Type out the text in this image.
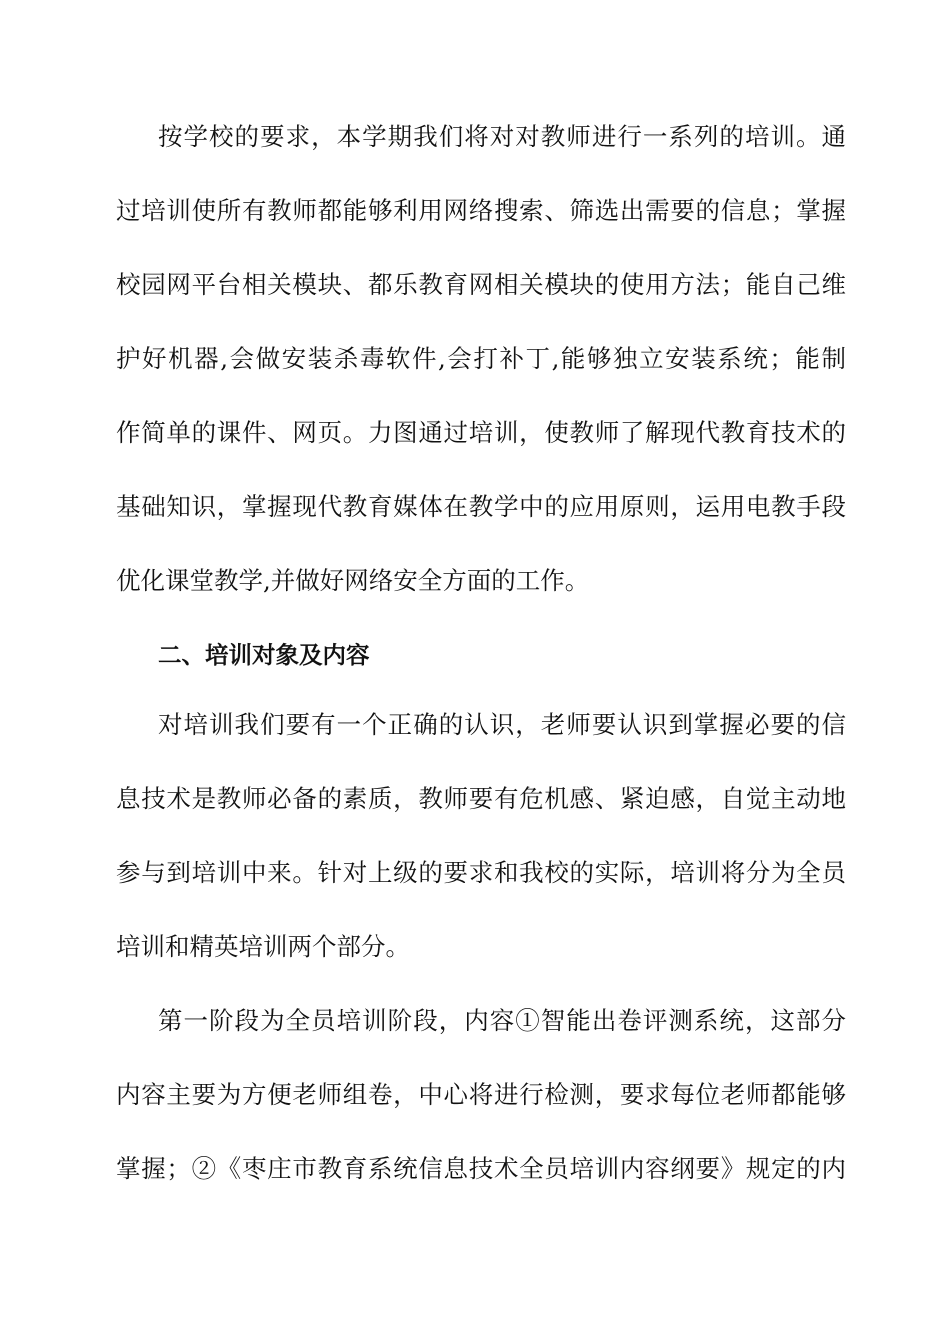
按学校的要求，本学期我们将对对教师进行一系列的培训。通
过培训使所有教师都能够利用网络搜索、筛选出需要的信息；掌握
校园网平台相关模块、都乐教育网相关模块的使用方法；能自己维
护好机器,会做安装杀毒软件,会打补丁,能够独立安装系统；能制
作简单的课件、网页。力图通过培训，使教师了解现代教育技术的
基础知识，掌握现代教育媒体在教学中的应用原则，运用电教手段
优化课堂教学,并做好网络安全方面的工作。
二、培训对象及内容
对培训我们要有一个正确的认识，老师要认识到掌握必要的信
息技术是教师必备的素质，教师要有危机感、紧迫感，自觉主动地
参与到培训中来。针对上级的要求和我校的实际，培训将分为全员
培训和精英培训两个部分。
第一阶段为全员培训阶段，内容①智能出卷评测系统，这部分
内容主要为方便老师组卷，中心将进行检测，要求每位老师都能够
掌握；②《枣庄市教育系统信息技术全员培训内容纲要》规定的内
